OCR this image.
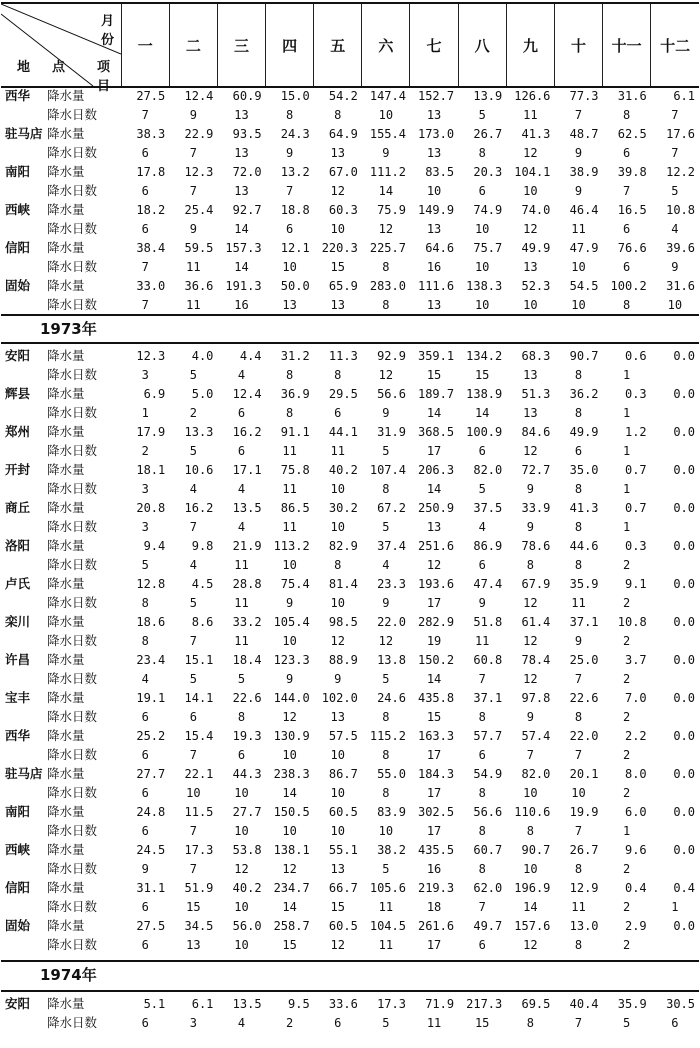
月份
项目
地点
	一	二	三	四	五	六	七	八	九	十	十一	十二
西华	降水量	27.5	12.4	60.9	15.0	54.2	147.4	152.7	13.9	126.6	77.3	31.6	6.1
	降水日数	7	9	13	8	8	10	13	5	11	7	8	7
驻马店	降水量	38.3	22.9	93.5	24.3	64.9	155.4	173.0	26.7	41.3	48.7	62.5	17.6
	降水日数	6	7	13	9	13	9	13	8	12	9	6	7
南阳	降水量	17.8	12.3	72.0	13.2	67.0	111.2	83.5	20.3	104.1	38.9	39.8	12.2
	降水日数	6	7	13	7	12	14	10	6	10	9	7	5
西峡	降水量	18.2	25.4	92.7	18.8	60.3	75.9	149.9	74.9	74.0	46.4	16.5	10.8
	降水日数	6	9	14	6	10	12	13	10	12	11	6	4
信阳	降水量	38.4	59.5	157.3	12.1	220.3	225.7	64.6	75.7	49.9	47.9	76.6	39.6
	降水日数	7	11	14	10	15	8	16	10	13	10	6	9
固始	降水量	33.0	36.6	191.3	50.0	65.9	283.0	111.6	138.3	52.3	54.5	100.2	31.6
	降水日数	7	11	16	13	13	8	13	10	10	10	8	10
1973年
安阳	降水量	12.3	4.0	4.4	31.2	11.3	92.9	359.1	134.2	68.3	90.7	0.6	0.0
	降水日数	3	5	4	8	8	12	15	15	13	8	1	
辉县	降水量	6.9	5.0	12.4	36.9	29.5	56.6	189.7	138.9	51.3	36.2	0.3	0.0
	降水日数	1	2	6	8	6	9	14	14	13	8	1	
郑州	降水量	17.9	13.3	16.2	91.1	44.1	31.9	368.5	100.9	84.6	49.9	1.2	0.0
	降水日数	2	5	6	11	11	5	17	6	12	6	1	
开封	降水量	18.1	10.6	17.1	75.8	40.2	107.4	206.3	82.0	72.7	35.0	0.7	0.0
	降水日数	3	4	4	11	10	8	14	5	9	8	1	
商丘	降水量	20.8	16.2	13.5	86.5	30.2	67.2	250.9	37.5	33.9	41.3	0.7	0.0
	降水日数	3	7	4	11	10	5	13	4	9	8	1	
洛阳	降水量	9.4	9.8	21.9	113.2	82.9	37.4	251.6	86.9	78.6	44.6	0.3	0.0
	降水日数	5	4	11	10	8	4	12	6	8	8	2	
卢氏	降水量	12.8	4.5	28.8	75.4	81.4	23.3	193.6	47.4	67.9	35.9	9.1	0.0
	降水日数	8	5	11	9	10	9	17	9	12	11	2	
栾川	降水量	18.6	8.6	33.2	105.4	98.5	22.0	282.9	51.8	61.4	37.1	10.8	0.0
	降水日数	8	7	11	10	12	12	19	11	12	9	2	
许昌	降水量	23.4	15.1	18.4	123.3	88.9	13.8	150.2	60.8	78.4	25.0	3.7	0.0
	降水日数	4	5	5	9	9	5	14	7	12	7	2	
宝丰	降水量	19.1	14.1	22.6	144.0	102.0	24.6	435.8	37.1	97.8	22.6	7.0	0.0
	降水日数	6	6	8	12	13	8	15	8	9	8	2	
西华	降水量	25.2	15.4	19.3	130.9	57.5	115.2	163.3	57.7	57.4	22.0	2.2	0.0
	降水日数	6	7	6	10	10	8	17	6	7	7	2	
驻马店	降水量	27.7	22.1	44.3	238.3	86.7	55.0	184.3	54.9	82.0	20.1	8.0	0.0
	降水日数	6	10	10	14	10	8	17	8	10	10	2	
南阳	降水量	24.8	11.5	27.7	150.5	60.5	83.9	302.5	56.6	110.6	19.9	6.0	0.0
	降水日数	6	7	10	10	10	10	17	8	8	7	1	
西峡	降水量	24.5	17.3	53.8	138.1	55.1	38.2	435.5	60.7	90.7	26.7	9.6	0.0
	降水日数	9	7	12	12	13	5	16	8	10	8	2	
信阳	降水量	31.1	51.9	40.2	234.7	66.7	105.6	219.3	62.0	196.9	12.9	0.4	0.4
	降水日数	6	15	10	14	15	11	18	7	14	11	2	1
固始	降水量	27.5	34.5	56.0	258.7	60.5	104.5	261.6	49.7	157.6	13.0	2.9	0.0
	降水日数	6	13	10	15	12	11	17	6	12	8	2	
1974年
安阳	降水量	5.1	6.1	13.5	9.5	33.6	17.3	71.9	217.3	69.5	40.4	35.9	30.5
	降水日数	6	3	4	2	6	5	11	15	8	7	5	6
